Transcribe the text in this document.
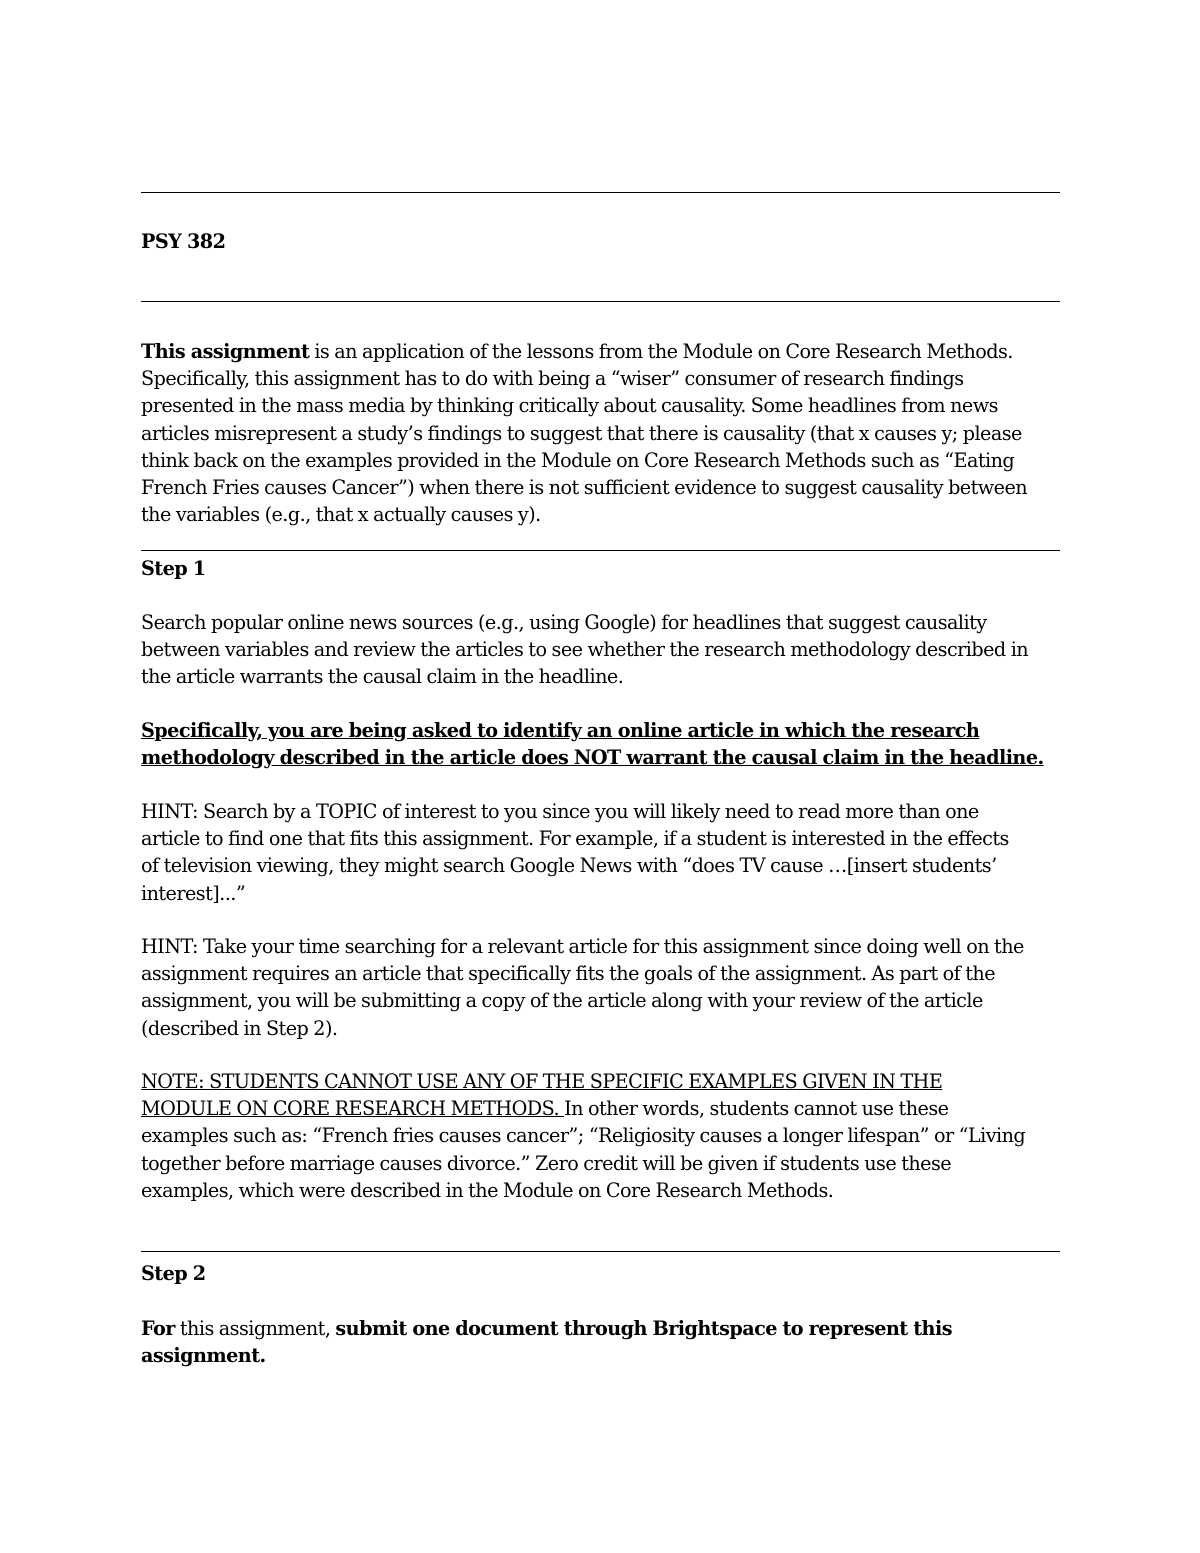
PSY 382
This assignment is an application of the lessons from the Module on Core Research Methods.
Specifically, this assignment has to do with being a “wiser” consumer of research findings
presented in the mass media by thinking critically about causality. Some headlines from news
articles misrepresent a study’s findings to suggest that there is causality (that x causes y; please
think back on the examples provided in the Module on Core Research Methods such as “Eating
French Fries causes Cancer”) when there is not sufficient evidence to suggest causality between
the variables (e.g., that x actually causes y).
Step 1
Search popular online news sources (e.g., using Google) for headlines that suggest causality
between variables and review the articles to see whether the research methodology described in
the article warrants the causal claim in the headline.
Specifically, you are being asked to identify an online article in which the research
methodology described in the article does NOT warrant the causal claim in the headline.
HINT: Search by a TOPIC of interest to you since you will likely need to read more than one
article to find one that fits this assignment. For example, if a student is interested in the effects
of television viewing, they might search Google News with “does TV cause …[insert students’
interest]...”
HINT: Take your time searching for a relevant article for this assignment since doing well on the
assignment requires an article that specifically fits the goals of the assignment. As part of the
assignment, you will be submitting a copy of the article along with your review of the article
(described in Step 2).
NOTE: STUDENTS CANNOT USE ANY OF THE SPECIFIC EXAMPLES GIVEN IN THE
MODULE ON CORE RESEARCH METHODS. In other words, students cannot use these
examples such as: “French fries causes cancer”; “Religiosity causes a longer lifespan” or “Living
together before marriage causes divorce.” Zero credit will be given if students use these
examples, which were described in the Module on Core Research Methods.
Step 2
For this assignment, submit one document through Brightspace to represent this
assignment.
